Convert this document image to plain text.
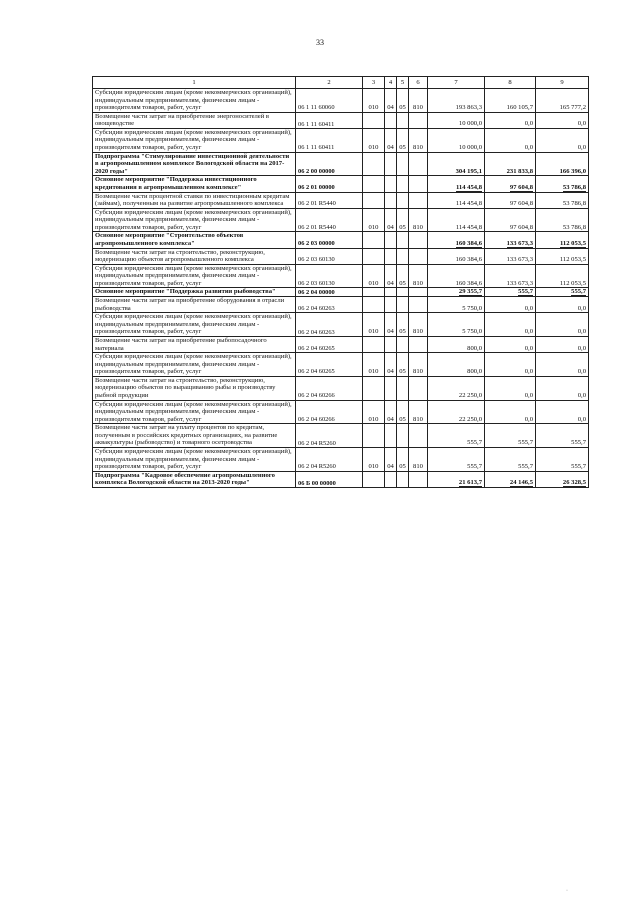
33
1	2	3	4	5	6	7	8	9
Субсидии юридическим лицам (кроме некоммерческих организаций), индивидуальным предпринимателям, физическим лицам - производителям товаров, работ, услуг	06 1 11 60060	010	04	05	810	193 863,3	160 105,7	165 777,2
Возмещение части затрат на приобретение энергоносителей в овощеводстве	06 1 11 60411					10 000,0	0,0	0,0
Субсидии юридическим лицам (кроме некоммерческих организаций), индивидуальным предпринимателям, физическим лицам - производителям товаров, работ, услуг	06 1 11 60411	010	04	05	810	10 000,0	0,0	0,0
Подпрограмма "Стимулирование инвестиционной деятельности в агропромышленном комплексе Вологодской области на 2017-2020 годы"	06 2 00 00000					304 195,1	231 833,8	166 396,0
Основное мероприятие "Поддержка инвестиционного кредитования в агропромышленном комплексе"	06 2 01 00000					114 454,8	97 604,8	53 786,8
Возмещение части процентной ставки по инвестиционным кредитам (займам), полученным на развитие агропромышленного комплекса	06 2 01 R5440					114 454,8	97 604,8	53 786,8
Субсидии юридическим лицам (кроме некоммерческих организаций), индивидуальным предпринимателям, физическим лицам - производителям товаров, работ, услуг	06 2 01 R5440	010	04	05	810	114 454,8	97 604,8	53 786,8
Основное мероприятие "Строительство объектов агропромышленного комплекса"	06 2 03 00000					160 384,6	133 673,3	112 053,5
Возмещение части затрат на строительство, реконструкцию, модернизацию объектов агропромышленного комплекса	06 2 03 60130					160 384,6	133 673,3	112 053,5
Субсидии юридическим лицам (кроме некоммерческих организаций), индивидуальным предпринимателям, физическим лицам - производителям товаров, работ, услуг	06 2 03 60130	010	04	05	810	160 384,6	133 673,3	112 053,5
Основное мероприятие "Поддержка развития рыбоводства"	06 2 04 00000					29 355,7	555,7	555,7
Возмещение части затрат на приобретение оборудования в отрасли рыбоводства	06 2 04 60263					5 750,0	0,0	0,0
Субсидии юридическим лицам (кроме некоммерческих организаций), индивидуальным предпринимателям, физическим лицам - производителям товаров, работ, услуг	06 2 04 60263	010	04	05	810	5 750,0	0,0	0,0
Возмещение части затрат на приобретение рыбопосадочного материала	06 2 04 60265					800,0	0,0	0,0
Субсидии юридическим лицам (кроме некоммерческих организаций), индивидуальным предпринимателям, физическим лицам - производителям товаров, работ, услуг	06 2 04 60265	010	04	05	810	800,0	0,0	0,0
Возмещение части затрат на строительство, реконструкцию, модернизацию объектов по выращиванию рыбы и производству рыбной продукции	06 2 04 60266					22 250,0	0,0	0,0
Субсидии юридическим лицам (кроме некоммерческих организаций), индивидуальным предпринимателям, физическим лицам - производителям товаров, работ, услуг	06 2 04 60266	010	04	05	810	22 250,0	0,0	0,0
Возмещение части затрат на уплату процентов по кредитам, полученным в российских кредитных организациях, на развитие аквакультуры (рыбоводство) и товарного осетроводства	06 2 04 R5260					555,7	555,7	555,7
Субсидии юридическим лицам (кроме некоммерческих организаций), индивидуальным предпринимателям, физическим лицам - производителям товаров, работ, услуг	06 2 04 R5260	010	04	05	810	555,7	555,7	555,7
Подпрограмма "Кадровое обеспечение агропромышленного комплекса Вологодской области на 2013-2020 годы"	06 Б 00 00000					21 613,7	24 146,5	26 328,5
·
